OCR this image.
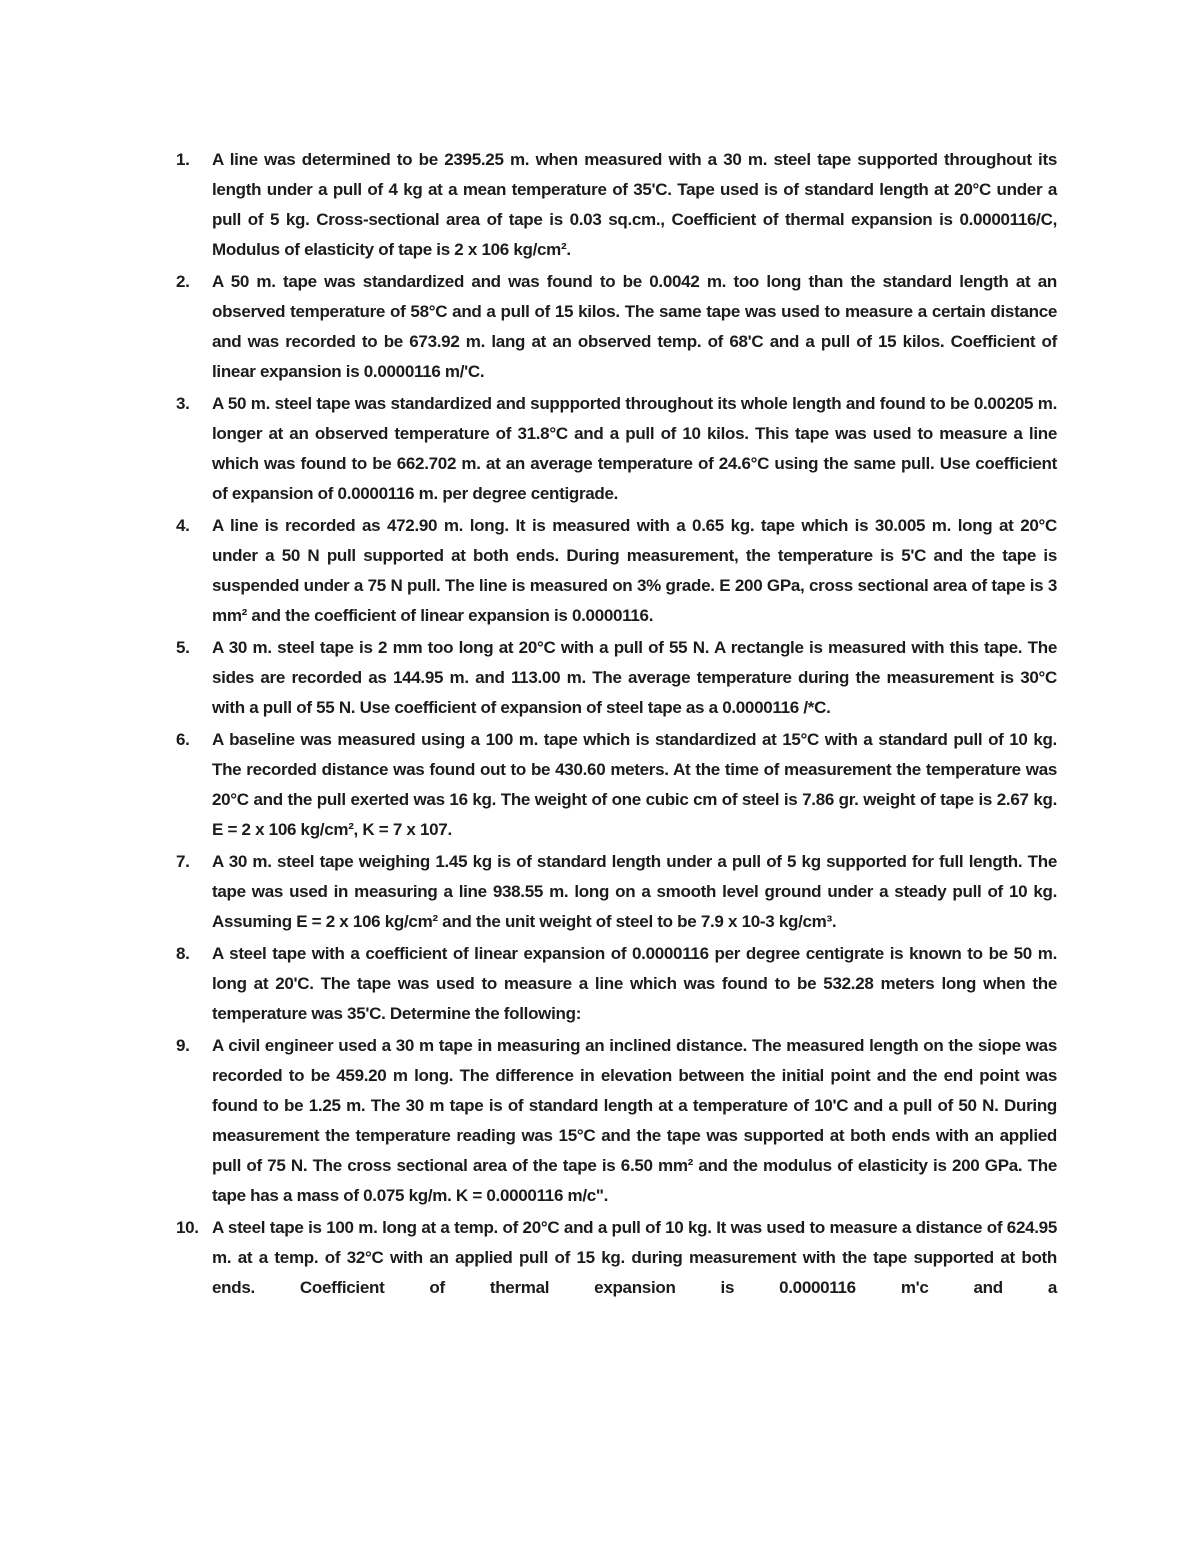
1.	A line was determined to be 2395.25 m. when measured with a 30 m. steel tape supported throughout its length under a pull of 4 kg at a mean temperature of 35'C. Tape used is of standard length at 20°C under a pull of 5 kg. Cross-sectional area of tape is 0.03 sq.cm., Coefficient of thermal expansion is 0.0000116/C, Modulus of elasticity of tape is 2 x 106 kg/cm².
2.	A 50 m. tape was standardized and was found to be 0.0042 m. too long than the standard length at an observed temperature of 58°C and a pull of 15 kilos. The same tape was used to measure a certain distance and was recorded to be 673.92 m. lang at an observed temp. of 68'C and a pull of 15 kilos. Coefficient of linear expansion is 0.0000116 m/'C.
3.	A 50 m. steel tape was standardized and suppported throughout its whole length and found to be 0.00205 m. longer at an observed temperature of 31.8°C and a pull of 10 kilos. This tape was used to measure a line which was found to be 662.702 m. at an average temperature of 24.6°C using the same pull. Use coefficient of expansion of 0.0000116 m. per degree centigrade.
4.	A line is recorded as 472.90 m. long. It is measured with a 0.65 kg. tape which is 30.005 m. long at 20°C under a 50 N pull supported at both ends. During measurement, the temperature is 5'C and the tape is suspended under a 75 N pull. The line is measured on 3% grade. E 200 GPa, cross sectional area of tape is 3 mm² and the coefficient of linear expansion is 0.0000116.
5.	A 30 m. steel tape is 2 mm too long at 20°C with a pull of 55 N. A rectangle is measured with this tape. The sides are recorded as 144.95 m. and 113.00 m. The average temperature during the measurement is 30°C with a pull of 55 N. Use coefficient of expansion of steel tape as a 0.0000116 /*C.
6.	A baseline was measured using a 100 m. tape which is standardized at 15°C with a standard pull of 10 kg. The recorded distance was found out to be 430.60 meters. At the time of measurement the temperature was 20°C and the pull exerted was 16 kg. The weight of one cubic cm of steel is 7.86 gr. weight of tape is 2.67 kg. E = 2 x 106 kg/cm², K = 7 x 107.
7.	A 30 m. steel tape weighing 1.45 kg is of standard length under a pull of 5 kg supported for full length. The tape was used in measuring a line 938.55 m. long on a smooth level ground under a steady pull of 10 kg. Assuming E = 2 x 106 kg/cm² and the unit weight of steel to be 7.9 x 10-3 kg/cm³.
8.	A steel tape with a coefficient of linear expansion of 0.0000116 per degree centigrate is known to be 50 m. long at 20'C. The tape was used to measure a line which was found to be 532.28 meters long when the temperature was 35'C. Determine the following:
9.	A civil engineer used a 30 m tape in measuring an inclined distance. The measured length on the siope was recorded to be 459.20 m long. The difference in elevation between the initial point and the end point was found to be 1.25 m. The 30 m tape is of standard length at a temperature of 10'C and a pull of 50 N. During measurement the temperature reading was 15°C and the tape was supported at both ends with an applied pull of 75 N. The cross sectional area of the tape is 6.50 mm² and the modulus of elasticity is 200 GPa. The tape has a mass of 0.075 kg/m. K = 0.0000116 m/c".
10. A steel tape is 100 m. long at a temp. of 20°C and a pull of 10 kg. It was used to measure a distance of 624.95 m. at a temp. of 32°C with an applied pull of 15 kg. during measurement with the tape supported at both ends. Coefficient of thermal expansion is 0.0000116 m'c and a
